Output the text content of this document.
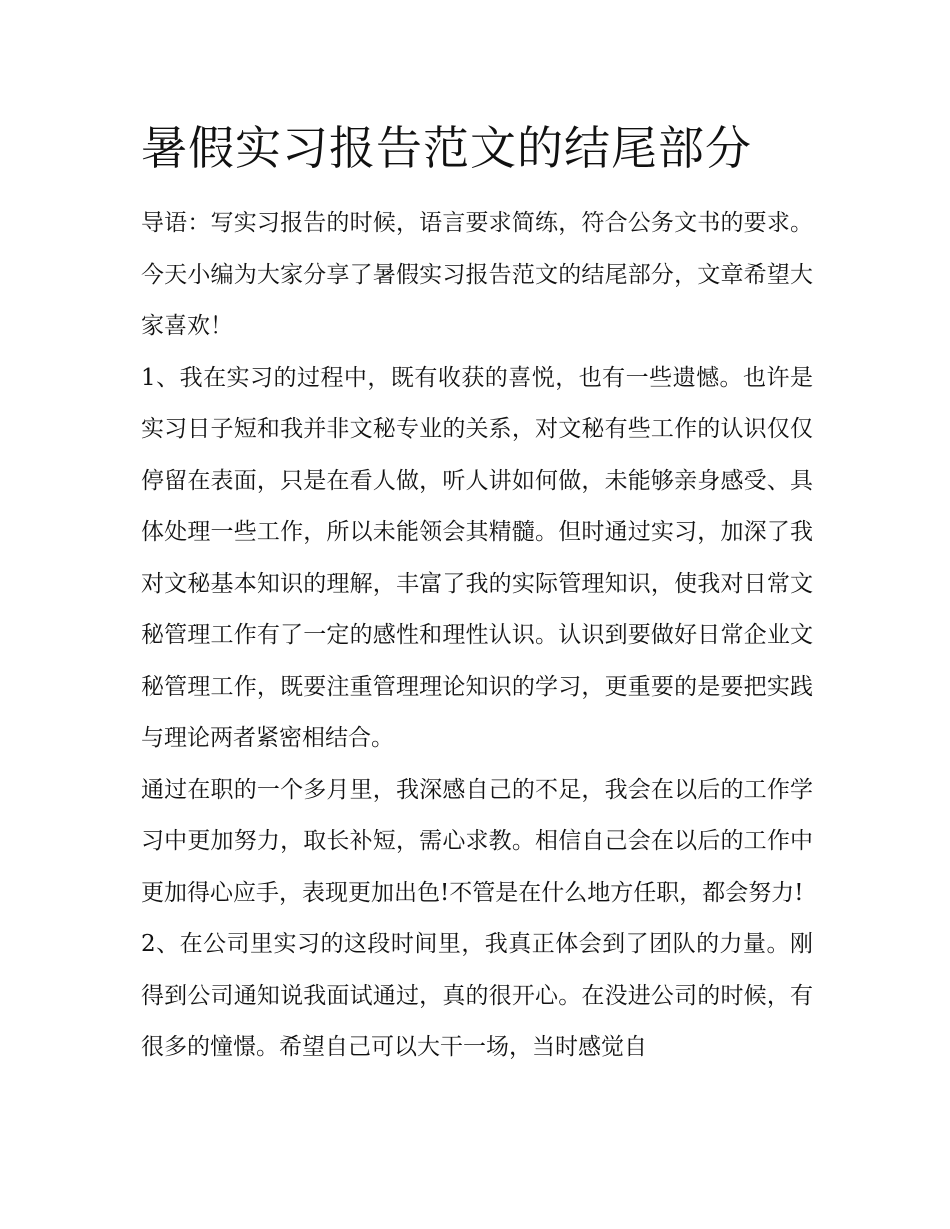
暑假实习报告范文的结尾部分

导语：写实习报告的时候，语言要求简练，符合公务文书的要求。今天小编为大家分享了暑假实习报告范文的结尾部分，文章希望大家喜欢！

1、我在实习的过程中，既有收获的喜悦，也有一些遗憾。也许是实习日子短和我并非文秘专业的关系，对文秘有些工作的认识仅仅停留在表面，只是在看人做，听人讲如何做，未能够亲身感受、具体处理一些工作，所以未能领会其精髓。但时通过实习，加深了我对文秘基本知识的理解，丰富了我的实际管理知识，使我对日常文秘管理工作有了一定的感性和理性认识。认识到要做好日常企业文秘管理工作，既要注重管理理论知识的学习，更重要的是要把实践与理论两者紧密相结合。

通过在职的一个多月里，我深感自己的不足，我会在以后的工作学习中更加努力，取长补短，需心求教。相信自己会在以后的工作中更加得心应手，表现更加出色!不管是在什么地方任职，都会努力!

2、在公司里实习的这段时间里，我真正体会到了团队的力量。刚得到公司通知说我面试通过，真的很开心。在没进公司的时候，有很多的憧憬。希望自己可以大干一场，当时感觉自
